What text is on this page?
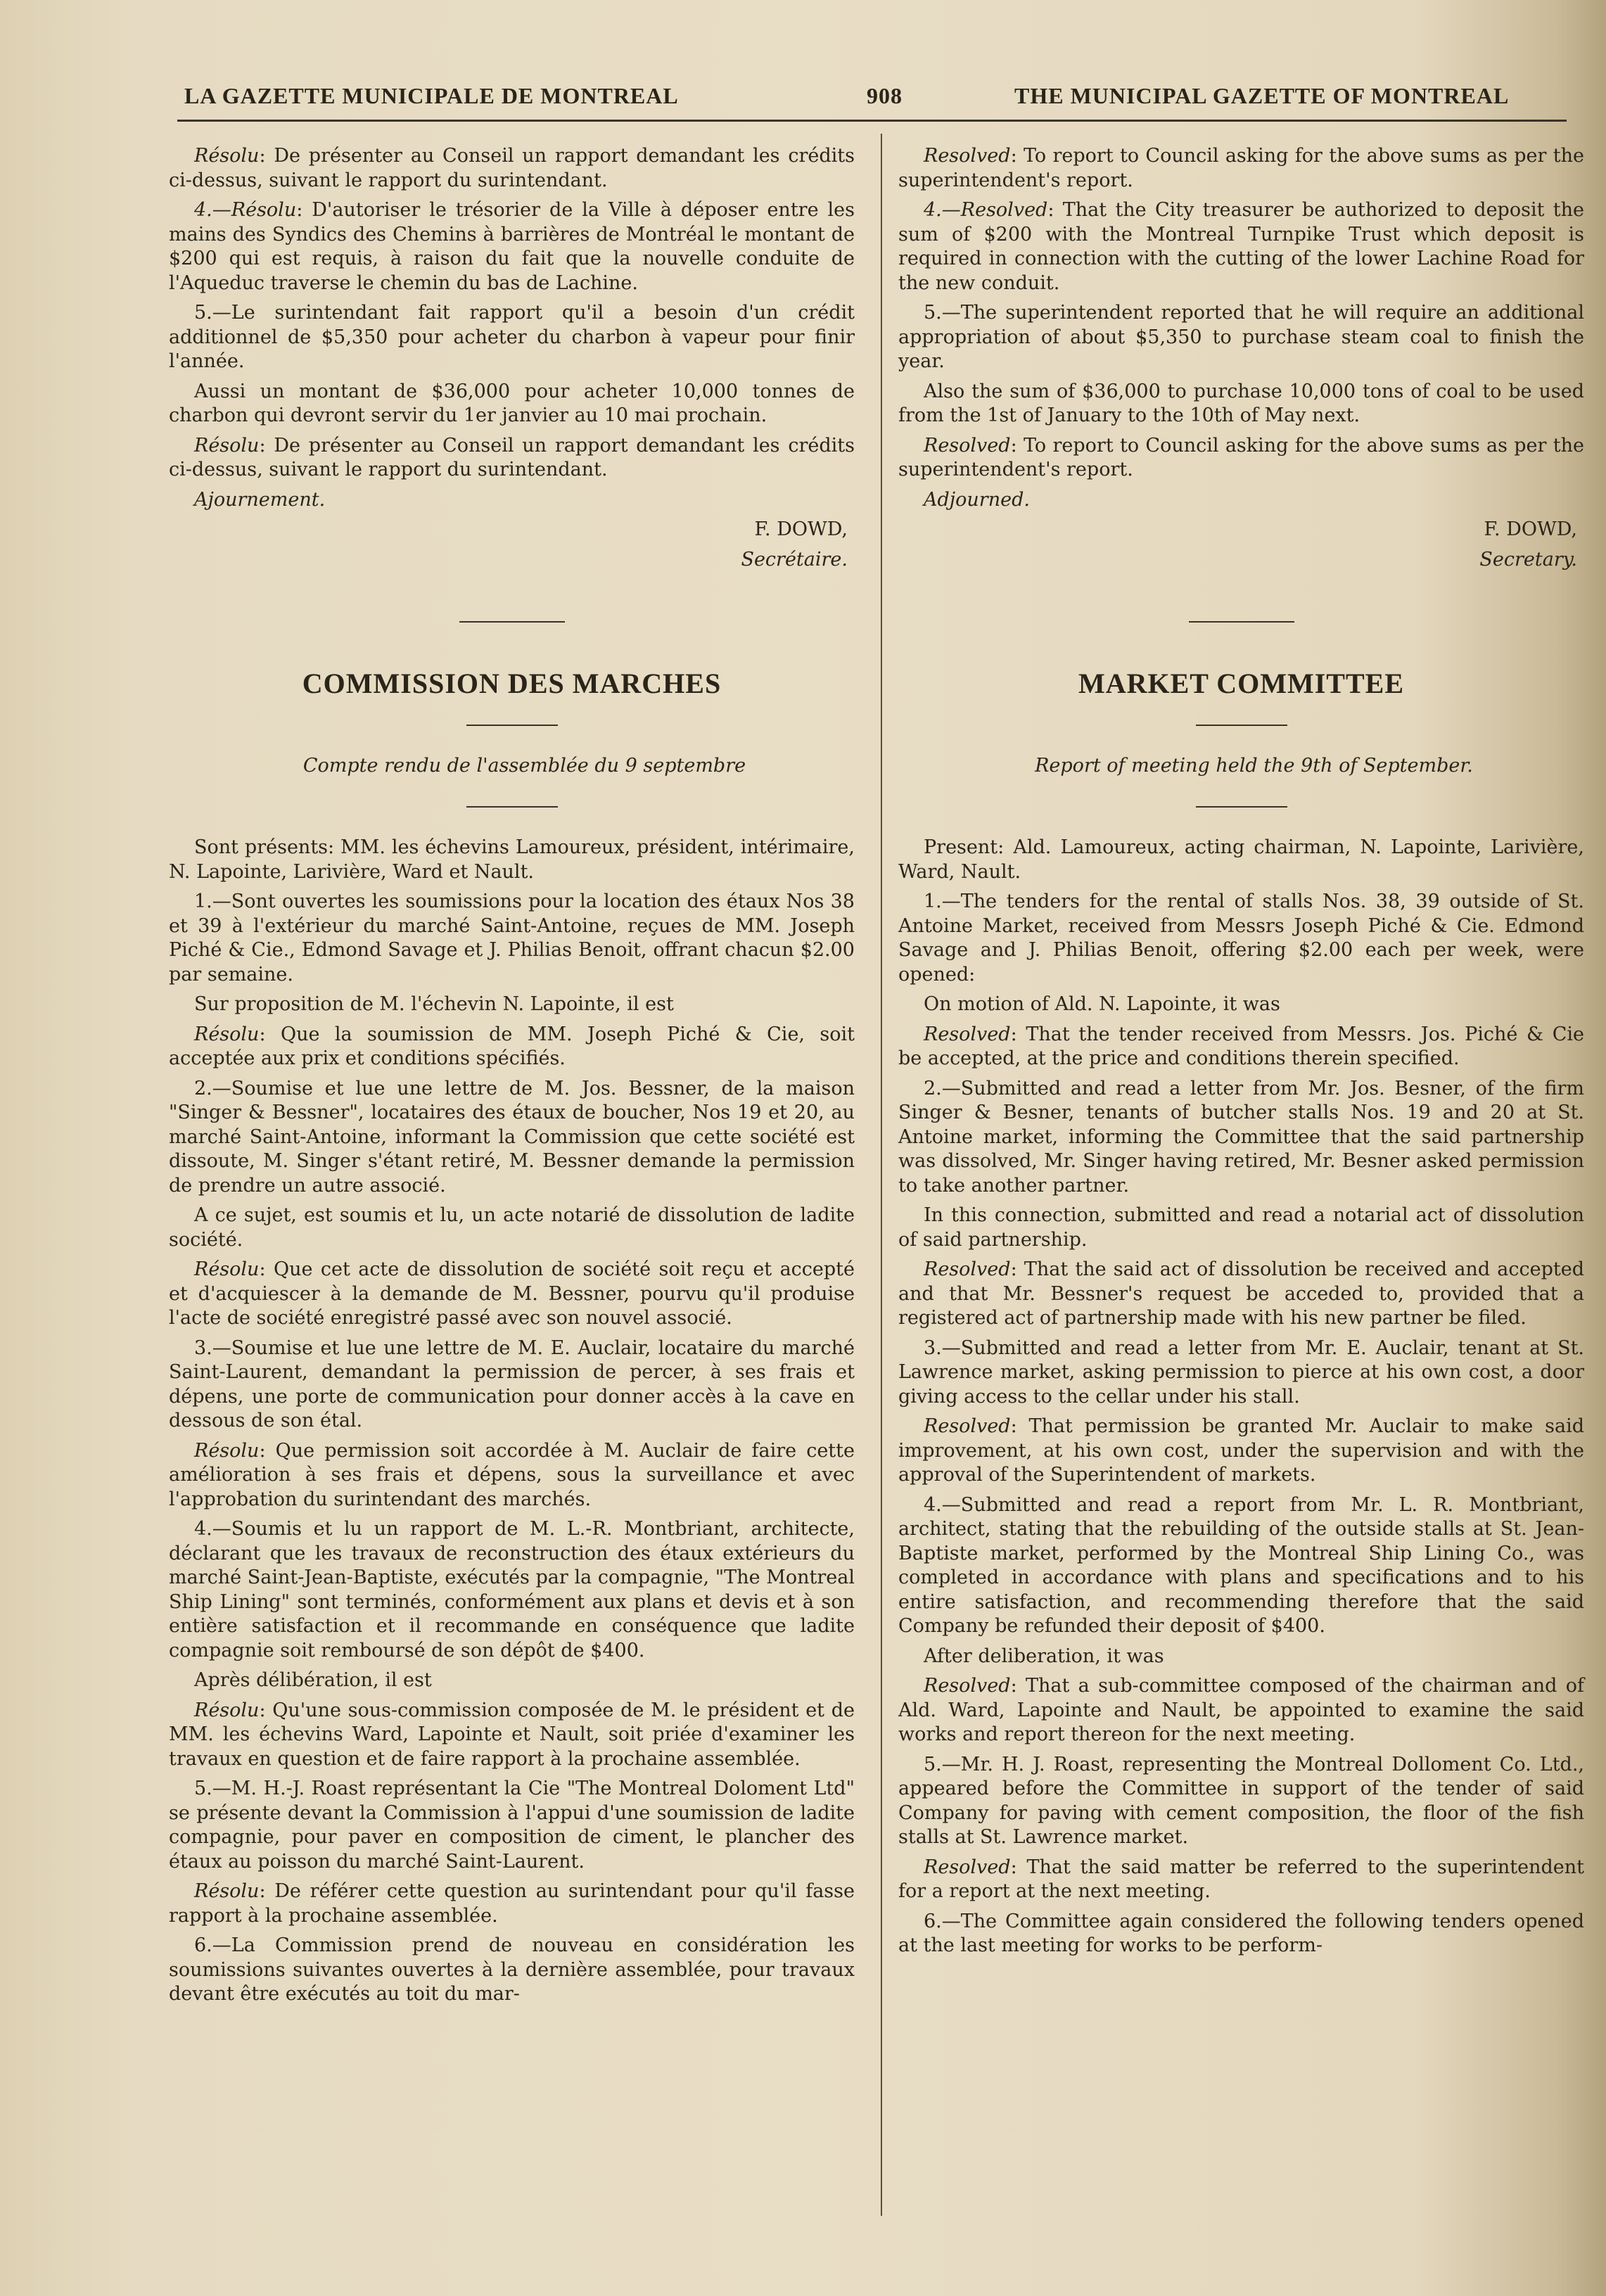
LA GAZETTE MUNICIPALE DE MONTREAL	908	THE MUNICIPAL GAZETTE OF MONTREAL

Résolu: De présenter au Conseil un rapport demandant les crédits ci-dessus, suivant le rapport du surintendant.

4.—Résolu: D'autoriser le trésorier de la Ville à déposer entre les mains des Syndics des Chemins à barrières de Montréal le montant de $200 qui est requis, à raison du fait que la nouvelle conduite de l'Aqueduc traverse le chemin du bas de Lachine.

5.—Le surintendant fait rapport qu'il a besoin d'un crédit additionnel de $5,350 pour acheter du charbon à vapeur pour finir l'année.

Aussi un montant de $36,000 pour acheter 10,000 tonnes de charbon qui devront servir du 1er janvier au 10 mai prochain.

Résolu: De présenter au Conseil un rapport demandant les crédits ci-dessus, suivant le rapport du surintendant.

Ajournement.

F. DOWD,

Secrétaire.

COMMISSION DES MARCHES

Compte rendu de l'assemblée du 9 septembre

Sont présents: MM. les échevins Lamoureux, président, intérimaire, N. Lapointe, Larivière, Ward et Nault.

1.—Sont ouvertes les soumissions pour la location des étaux Nos 38 et 39 à l'extérieur du marché Saint-Antoine, reçues de MM. Joseph Piché & Cie., Edmond Savage et J. Philias Benoit, offrant chacun $2.00 par semaine.

Sur proposition de M. l'échevin N. Lapointe, il est

Résolu: Que la soumission de MM. Joseph Piché & Cie, soit acceptée aux prix et conditions spécifiés.

2.—Soumise et lue une lettre de M. Jos. Bessner, de la maison "Singer & Bessner", locataires des étaux de boucher, Nos 19 et 20, au marché Saint-Antoine, informant la Commission que cette société est dissoute, M. Singer s'étant retiré, M. Bessner demande la permission de prendre un autre associé.

A ce sujet, est soumis et lu, un acte notarié de dissolution de ladite société.

Résolu: Que cet acte de dissolution de société soit reçu et accepté et d'acquiescer à la demande de M. Bessner, pourvu qu'il produise l'acte de société enregistré passé avec son nouvel associé.

3.—Soumise et lue une lettre de M. E. Auclair, locataire du marché Saint-Laurent, demandant la permission de percer, à ses frais et dépens, une porte de communication pour donner accès à la cave en dessous de son étal.

Résolu: Que permission soit accordée à M. Auclair de faire cette amélioration à ses frais et dépens, sous la surveillance et avec l'approbation du surintendant des marchés.

4.—Soumis et lu un rapport de M. L.-R. Montbriant, architecte, déclarant que les travaux de reconstruction des étaux extérieurs du marché Saint-Jean-Baptiste, exécutés par la compagnie, "The Montreal Ship Lining" sont terminés, conformément aux plans et devis et à son entière satisfaction et il recommande en conséquence que ladite compagnie soit remboursé de son dépôt de $400.

Après délibération, il est

Résolu: Qu'une sous-commission composée de M. le président et de MM. les échevins Ward, Lapointe et Nault, soit priée d'examiner les travaux en question et de faire rapport à la prochaine assemblée.

5.—M. H.-J. Roast représentant la Cie "The Montreal Doloment Ltd" se présente devant la Commission à l'appui d'une soumission de ladite compagnie, pour paver en composition de ciment, le plancher des étaux au poisson du marché Saint-Laurent.

Résolu: De référer cette question au surintendant pour qu'il fasse rapport à la prochaine assemblée.

6.—La Commission prend de nouveau en considération les soumissions suivantes ouvertes à la dernière assemblée, pour travaux devant être exécutés au toit du mar-

Resolved: To report to Council asking for the above sums as per the superintendent's report.

4.—Resolved: That the City treasurer be authorized to deposit the sum of $200 with the Montreal Turnpike Trust which deposit is required in connection with the cutting of the lower Lachine Road for the new conduit.

5.—The superintendent reported that he will require an additional appropriation of about $5,350 to purchase steam coal to finish the year.

Also the sum of $36,000 to purchase 10,000 tons of coal to be used from the 1st of January to the 10th of May next.

Resolved: To report to Council asking for the above sums as per the superintendent's report.

Adjourned.

F. DOWD,

Secretary.

MARKET COMMITTEE

Report of meeting held the 9th of September.

Present: Ald. Lamoureux, acting chairman, N. Lapointe, Larivière, Ward, Nault.

1.—The tenders for the rental of stalls Nos. 38, 39 outside of St. Antoine Market, received from Messrs Joseph Piché & Cie. Edmond Savage and J. Philias Benoit, offering $2.00 each per week, were opened:

On motion of Ald. N. Lapointe, it was

Resolved: That the tender received from Messrs. Jos. Piché & Cie be accepted, at the price and conditions therein specified.

2.—Submitted and read a letter from Mr. Jos. Besner, of the firm Singer & Besner, tenants of butcher stalls Nos. 19 and 20 at St. Antoine market, informing the Committee that the said partnership was dissolved, Mr. Singer having retired, Mr. Besner asked permission to take another partner.

In this connection, submitted and read a notarial act of dissolution of said partnership.

Resolved: That the said act of dissolution be received and accepted and that Mr. Bessner's request be acceded to, provided that a registered act of partnership made with his new partner be filed.

3.—Submitted and read a letter from Mr. E. Auclair, tenant at St. Lawrence market, asking permission to pierce at his own cost, a door giving access to the cellar under his stall.

Resolved: That permission be granted Mr. Auclair to make said improvement, at his own cost, under the supervision and with the approval of the Superintendent of markets.

4.—Submitted and read a report from Mr. L. R. Montbriant, architect, stating that the rebuilding of the outside stalls at St. Jean-Baptiste market, performed by the Montreal Ship Lining Co., was completed in accordance with plans and specifications and to his entire satisfaction, and recommending therefore that the said Company be refunded their deposit of $400.

After deliberation, it was

Resolved: That a sub-committee composed of the chairman and of Ald. Ward, Lapointe and Nault, be appointed to examine the said works and report thereon for the next meeting.

5.—Mr. H. J. Roast, representing the Montreal Dolloment Co. Ltd., appeared before the Committee in support of the tender of said Company for paving with cement composition, the floor of the fish stalls at St. Lawrence market.

Resolved: That the said matter be referred to the superintendent for a report at the next meeting.

6.—The Committee again considered the following tenders opened at the last meeting for works to be perform-
